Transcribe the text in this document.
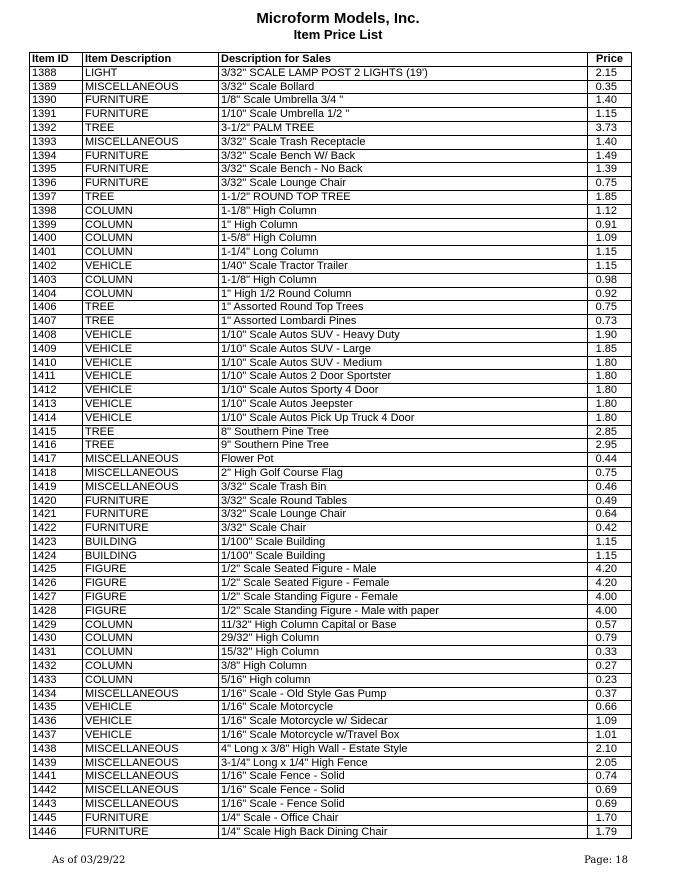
Microform Models, Inc.
Item Price List
Item ID	Item Description	Description for Sales	Price
1388	LIGHT	3/32" SCALE LAMP POST 2 LIGHTS (19')	2.15
1389	MISCELLANEOUS	3/32" Scale Bollard	0.35
1390	FURNITURE	1/8" Scale Umbrella 3/4 "	1.40
1391	FURNITURE	1/10" Scale Umbrella 1/2 "	1.15
1392	TREE	3-1/2" PALM TREE	3.73
1393	MISCELLANEOUS	3/32" Scale Trash Receptacle	1.40
1394	FURNITURE	3/32" Scale Bench W/ Back	1.49
1395	FURNITURE	3/32" Scale Bench - No Back	1.39
1396	FURNITURE	3/32" Scale Lounge Chair	0.75
1397	TREE	1-1/2" ROUND TOP TREE	1.85
1398	COLUMN	1-1/8" High Column	1.12
1399	COLUMN	1" High Column	0.91
1400	COLUMN	1-5/8" High Column	1.09
1401	COLUMN	1-1/4" Long Column	1.15
1402	VEHICLE	1/40" Scale Tractor Trailer	1.15
1403	COLUMN	1-1/8" High Column	0.98
1404	COLUMN	1" High 1/2 Round Column	0.92
1406	TREE	1" Assorted Round Top Trees	0.75
1407	TREE	1" Assorted Lombardi Pines	0.73
1408	VEHICLE	1/10" Scale Autos SUV - Heavy Duty	1.90
1409	VEHICLE	1/10" Scale Autos SUV - Large	1.85
1410	VEHICLE	1/10" Scale Autos SUV - Medium	1.80
1411	VEHICLE	1/10" Scale Autos 2 Door Sportster	1.80
1412	VEHICLE	1/10" Scale Autos Sporty 4 Door	1.80
1413	VEHICLE	1/10" Scale Autos Jeepster	1.80
1414	VEHICLE	1/10" Scale Autos Pick Up Truck 4 Door	1.80
1415	TREE	8" Southern Pine Tree	2.85
1416	TREE	9" Southern Pine Tree	2.95
1417	MISCELLANEOUS	Flower Pot	0.44
1418	MISCELLANEOUS	2" High Golf Course Flag	0.75
1419	MISCELLANEOUS	3/32" Scale Trash Bin	0.46
1420	FURNITURE	3/32" Scale Round Tables	0.49
1421	FURNITURE	3/32" Scale Lounge Chair	0.64
1422	FURNITURE	3/32" Scale Chair	0.42
1423	BUILDING	1/100" Scale Building	1.15
1424	BUILDING	1/100" Scale Building	1.15
1425	FIGURE	1/2" Scale Seated Figure - Male	4.20
1426	FIGURE	1/2" Scale Seated Figure - Female	4.20
1427	FIGURE	1/2" Scale Standing Figure - Female	4.00
1428	FIGURE	1/2" Scale Standing Figure - Male with paper	4.00
1429	COLUMN	11/32" High Column Capital or Base	0.57
1430	COLUMN	29/32" High Column	0.79
1431	COLUMN	15/32" High Column	0.33
1432	COLUMN	3/8" High Column	0.27
1433	COLUMN	5/16" High column	0.23
1434	MISCELLANEOUS	1/16" Scale - Old Style Gas Pump	0.37
1435	VEHICLE	1/16" Scale Motorcycle	0.66
1436	VEHICLE	1/16" Scale Motorcycle w/ Sidecar	1.09
1437	VEHICLE	1/16" Scale Motorcycle w/Travel Box	1.01
1438	MISCELLANEOUS	4" Long x 3/8" High Wall - Estate Style	2.10
1439	MISCELLANEOUS	3-1/4" Long x 1/4" High Fence	2.05
1441	MISCELLANEOUS	1/16" Scale Fence - Solid	0.74
1442	MISCELLANEOUS	1/16" Scale Fence - Solid	0.69
1443	MISCELLANEOUS	1/16" Scale - Fence Solid	0.69
1445	FURNITURE	1/4" Scale - Office Chair	1.70
1446	FURNITURE	1/4" Scale High Back Dining Chair	1.79
As of 03/29/22	Page: 18
